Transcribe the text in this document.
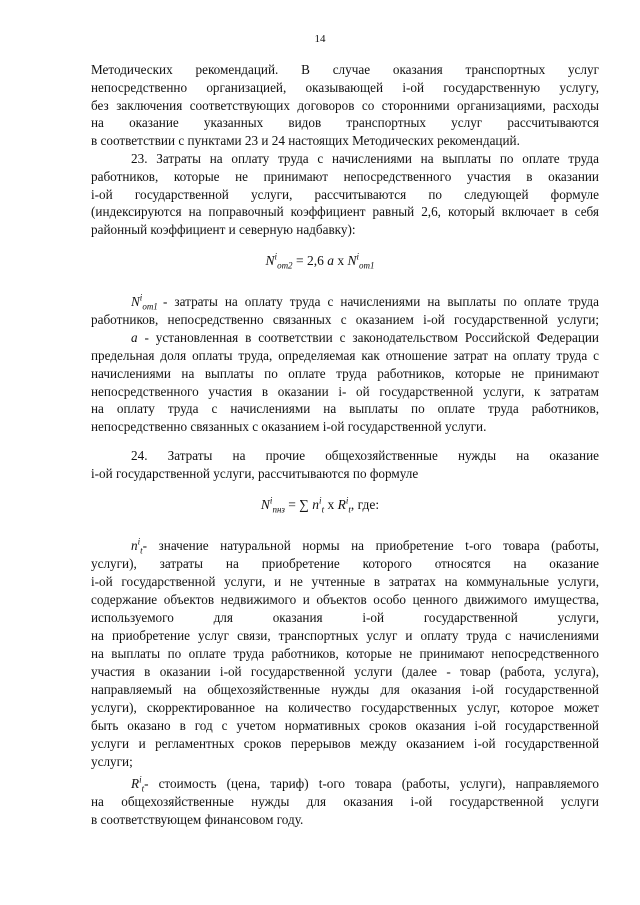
14
Методических рекомендаций. В случае оказания транспортных услуг
непосредственно организацией, оказывающей i-ой государственную услугу,
без заключения соответствующих договоров со сторонними организациями, расходы
на оказание указанных видов транспортных услуг рассчитываются
в соответствии с пунктами 23 и 24 настоящих Методических рекомендаций.
23. Затраты на оплату труда с начислениями на выплаты по оплате труда
работников, которые не принимают непосредственного участия в оказании
i-ой государственной услуги, рассчитываются по следующей формуле
(индексируются на поправочный коэффициент равный 2,6, который включает в себя
районный коэффициент и северную надбавку):
$N^i_{от2} = 2,6$ a x $N^i_{от1}$
$N^i_{от1}$ - затраты на оплату труда с начислениями на выплаты по оплате труда
работников, непосредственно связанных с оказанием i-ой государственной услуги;
a - установленная в соответствии с законодательством Российской Федерации
предельная доля оплаты труда, определяемая как отношение затрат на оплату труда с
начислениями на выплаты по оплате труда работников, которые не принимают
непосредственного участия в оказании i- ой государственной услуги, к затратам
на оплату труда с начислениями на выплаты по оплате труда работников,
непосредственно связанных с оказанием i-ой государственной услуги.
24. Затраты на прочие общехозяйственные нужды на оказание
i-ой государственной услуги, рассчитываются по формуле
$N^i_{пнз}$ = ∑ $n^i_t$ x $R^i_t$, где:
$n^i_t-$ значение натуральной нормы на приобретение t-ого товара (работы,
услуги), затраты на приобретение которого относятся на оказание
i-ой государственной услуги, и не учтенные в затратах на коммунальные услуги,
содержание объектов недвижимого и объектов особо ценного движимого имущества,
используемого для оказания i-ой государственной услуги,
на приобретение услуг связи, транспортных услуг и оплату труда с начислениями
на выплаты по оплате труда работников, которые не принимают непосредственного
участия в оказании i-ой государственной услуги (далее - товар (работа, услуга),
направляемый на общехозяйственные нужды для оказания i-ой государственной
услуги), скорректированное на количество государственных услуг, которое может
быть оказано в год с учетом нормативных сроков оказания i-ой государственной
услуги и регламентных сроков перерывов между оказанием i-ой государственной
услуги;
$R^i_t-$ стоимость (цена, тариф) t-ого товара (работы, услуги), направляемого
на общехозяйственные нужды для оказания i-ой государственной услуги
в соответствующем финансовом году.
